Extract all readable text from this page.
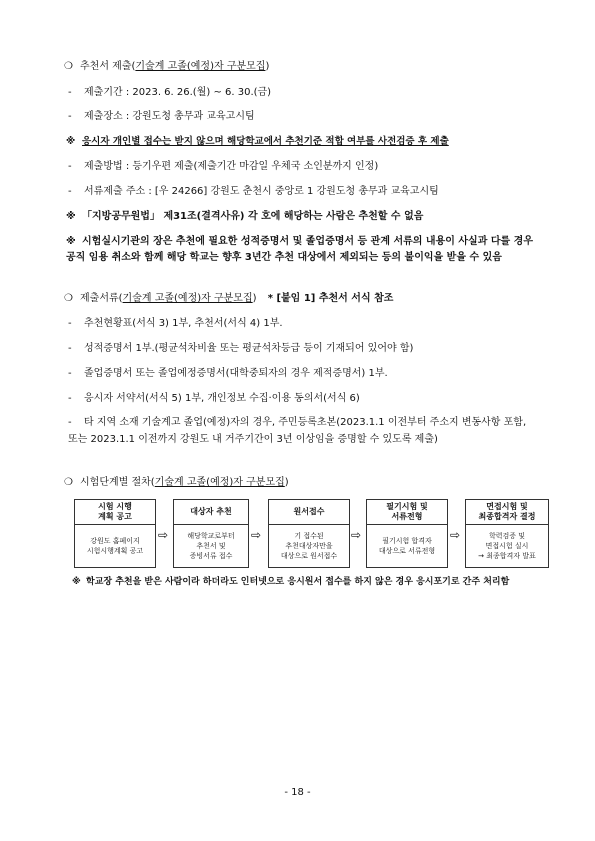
❍ 추천서 제출(기술계 고졸(예정)자 구분모집)
- 제출기간 : 2023. 6. 26.(월) ~ 6. 30.(금)
- 제출장소 : 강원도청 총무과 교육고시팀
※ 응시자 개인별 접수는 받지 않으며 해당학교에서 추천기준 적합 여부를 사전검증 후 제출
- 제출방법 : 등기우편 제출(제출기간 마감일 우체국 소인분까지 인정)
- 서류제출 주소 : [우 24266] 강원도 춘천시 중앙로 1 강원도청 총무과 교육고시팀
※ 「지방공무원법」 제31조(결격사유) 각 호에 해당하는 사람은 추천할 수 없음
※ 시험실시기관의 장은 추천에 필요한 성적증명서 및 졸업증명서 등 관계 서류의 내용이 사실과 다를 경우 공직 임용 취소와 함께 해당 학교는 향후 3년간 추천 대상에서 제외되는 등의 불이익을 받을 수 있음
❍ 제출서류(기술계 고졸(예정)자 구분모집) * [붙임 1] 추천서 서식 참조
- 추천현황표(서식 3) 1부, 추천서(서식 4) 1부.
- 성적증명서 1부.(평균석차비율 또는 평균석차등급 등이 기재되어 있어야 함)
- 졸업증명서 또는 졸업예정증명서(대학중퇴자의 경우 제적증명서) 1부.
- 응시자 서약서(서식 5) 1부, 개인정보 수집·이용 동의서(서식 6)
- 타 지역 소재 기술계고 졸업(예정)자의 경우, 주민등록초본(2023.1.1 이전부터 주소지 변동사항 포함, 또는 2023.1.1 이전까지 강원도 내 거주기간이 3년 이상임을 증명할 수 있도록 제출)
❍ 시험단계별 절차(기술계 고졸(예정)자 구분모집)
시험 시행
계획 공고
강원도 홈페이지
시험시행계획 공고
⇨
대상자 추천
해당학교로부터
추천서 및
증빙서류 접수
⇨
원서접수
기 접수된
추천대상자만을
대상으로 원서접수
⇨
필기시험 및
서류전형
필기시험 합격자
대상으로 서류전형
⇨
면접시험 및
최종합격자 결정
학력검증 및
면접시험 실시
→ 최종합격자 발표
※ 학교장 추천을 받은 사람이라 하더라도 인터넷으로 응시원서 접수를 하지 않은 경우 응시포기로 간주 처리함
- 18 -
